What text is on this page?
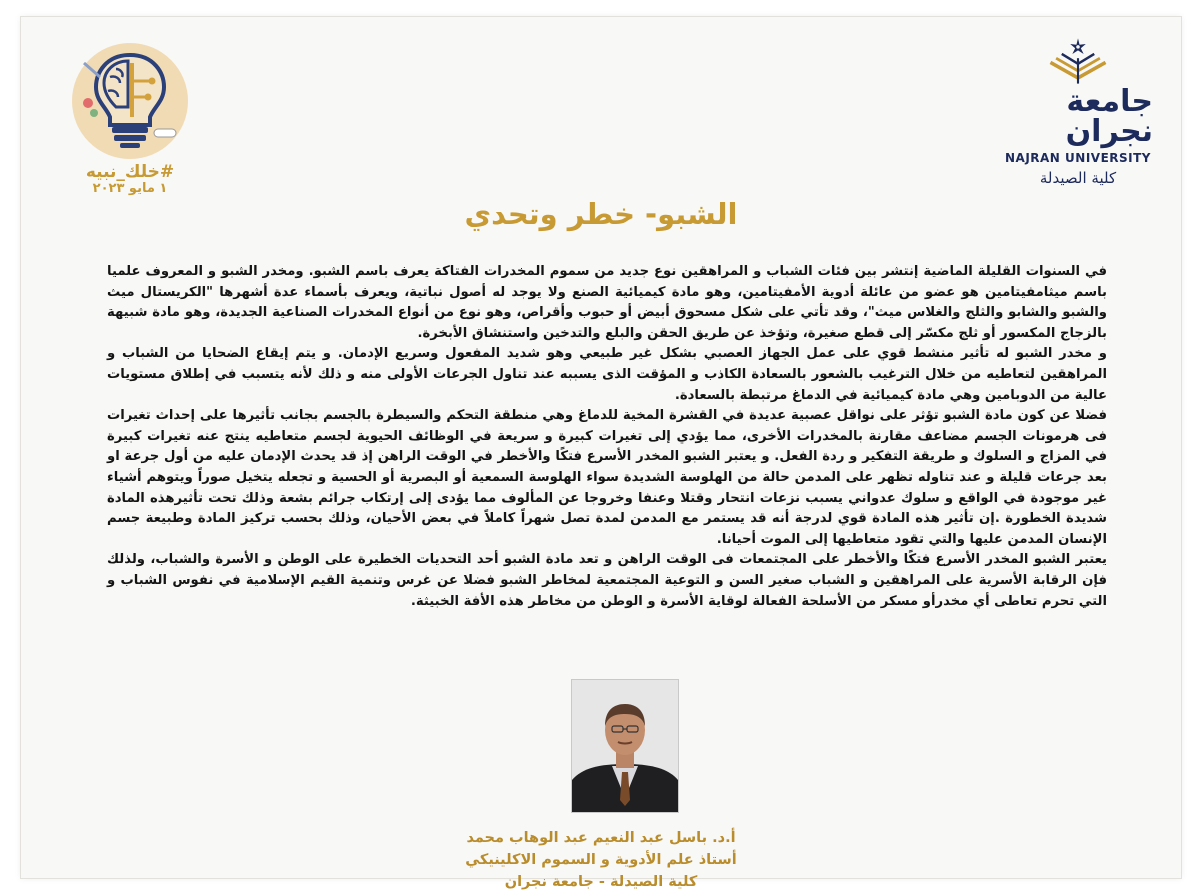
جامعة نجران
NAJRAN UNIVERSITY
كلية الصيدلة
#خلك_نبيه
١ مايو ٢٠٢٣
الشبو- خطر وتحدي

في السنوات القليلة الماضية إنتشر بين فئات الشباب و المراهقين نوع جديد من سموم المخدرات الفتاكة يعرف باسم الشبو. ومخدر الشبو و المعروف علميا باسم ميثامفيتامين هو عضو من عائلة أدوية الأمفيتامين، وهو مادة كيميائية الصنع ولا يوجد له أصول نباتية، ويعرف بأسماء عدة أشهرها "الكريستال ميث والشبو والشابو والثلج والغلاس ميث"، وقد تأتي على شكل مسحوق أبيض أو حبوب وأقراص، وهو نوع من أنواع المخدرات الصناعية الجديدة، وهو مادة شبيهة بالزجاج المكسور أو ثلج مكسّر إلى قطع صغيرة، وتؤخذ عن طريق الحقن والبلع والتدخين واستنشاق الأبخرة.

و مخدر الشبو له تأثير منشط قوي على عمل الجهاز العصبي بشكل غير طبيعي وهو شديد المفعول وسريع الإدمان. و يتم إيقاع الضحايا من الشباب و المراهقين لتعاطيه من خلال الترغيب بالشعور بالسعادة الكاذب و المؤقت الذى يسببه عند تناول الجرعات الأولى منه و ذلك لأنه يتسبب في إطلاق مستويات عالية من الدوبامين وهي مادة كيميائية في الدماغ مرتبطة بالسعادة.

فضلا عن كون مادة الشبو تؤثر على نواقل عصبية عديدة في القشرة المخية للدماغ وهي منطقة التحكم والسيطرة بالجسم بجانب تأثيرها على إحداث تغيرات فى هرمونات الجسم مضاعف مقارنة بالمخدرات الأخرى، مما يؤدي إلى تغيرات كبيرة و سريعة في الوظائف الحيوية لجسم متعاطيه ينتج عنه تغيرات كبيرة في المزاج و السلوك و طريقة التفكير و ردة الفعل. و يعتبر الشبو المخدر الأسرع فتكًا والأخطر في الوقت الراهن إذ قد يحدث الإدمان عليه من أول جرعة او بعد جرعات قليلة و عند تناوله تظهر على المدمن حالة من الهلوسة الشديدة سواء الهلوسة السمعية أو البصرية أو الحسية و تجعله يتخيل صوراً ويتوهم أشياء غير موجودة في الواقع و سلوك عدواني يسبب نزعات انتحار وقتلا وعنفا وخروجا عن المألوف مما يؤدى إلى إرتكاب جرائم بشعة وذلك تحت تأثيرهذه المادة شديدة الخطورة .إن تأثير هذه المادة قوي لدرجة أنه قد يستمر مع المدمن لمدة تصل شهراً كاملاً في بعض الأحيان، وذلك بحسب تركيز المادة وطبيعة جسم الإنسان المدمن عليها والتي تقود متعاطيها إلى الموت أحيانا.

يعتبر الشبو المخدر الأسرع فتكًا والأخطر على المجتمعات فى الوقت الراهن و تعد مادة الشبو أحد التحديات الخطيرة على الوطن و الأسرة والشباب، ولذلك فإن الرقابة الأسرية على المراهقين و الشباب صغير السن و التوعية المجتمعية لمخاطر الشبو فضلا عن غرس وتنمية القيم الإسلامية في نفوس الشباب و التي تحرم تعاطى أي مخدرأو مسكر من الأسلحة الفعالة لوقاية الأسرة و الوطن من مخاطر هذه الأفة الخبيثة.

أ.د. باسل عبد النعيم عبد الوهاب محمد
أستاذ علم الأدوية و السموم الاكلينيكي
كلية الصيدلة - جامعة نجران
